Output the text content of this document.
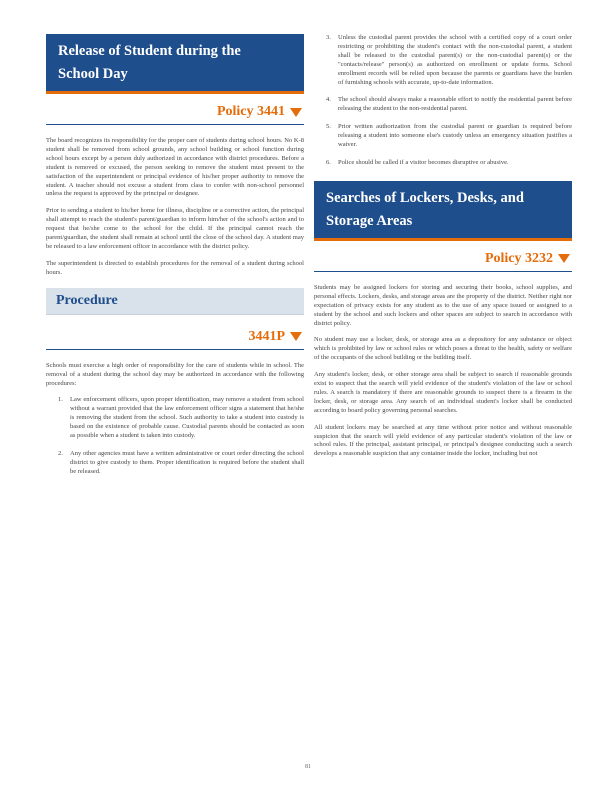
Release of Student during the
School Day
Policy 3441

The board recognizes its responsibility for the proper care of students during school hours. No K-8 student shall be removed from school grounds, any school building or school function during school hours except by a person duly authorized in accordance with district procedures. Before a student is removed or excused, the person seeking to remove the student must present to the satisfaction of the superintendent or principal evidence of his/her proper authority to remove the student. A teacher should not excuse a student from class to confer with non-school personnel unless the request is approved by the principal or designee.

Prior to sending a student to his/her home for illness, discipline or a corrective action, the principal shall attempt to reach the student's parent/guardian to inform him/her of the school's action and to request that he/she come to the school for the child. If the principal cannot reach the parent/guardian, the student shall remain at school until the close of the school day. A student may be released to a law enforcement officer in accordance with the district policy.

The superintendent is directed to establish procedures for the removal of a student during school hours.

Procedure
3441P

Schools must exercise a high order of responsibility for the care of students while in school. The removal of a student during the school day may be authorized in accordance with the following procedures:

1.	Law enforcement officers, upon proper identification, may remove a student from school without a warrant provided that the law enforcement officer signs a statement that he/she is removing the student from the school. Such authority to take a student into custody is based on the existence of probable cause. Custodial parents should be contacted as soon as possible when a student is taken into custody.
2.	Any other agencies must have a written administrative or court order directing the school district to give custody to them. Proper identification is required before the student shall be released.
3.	Unless the custodial parent provides the school with a certified copy of a court order restricting or prohibiting the student's contact with the non-custodial parent, a student shall be released to the custodial parent(s) or the non-custodial parent(s) or the "contacts/release" person(s) as authorized on enrollment or update forms. School enrollment records will be relied upon because the parents or guardians have the burden of furnishing schools with accurate, up-to-date information.
4.	The school should always make a reasonable effort to notify the residential parent before releasing the student to the non-residential parent.
5.	Prior written authorization from the custodial parent or guardian is required before releasing a student into someone else's custody unless an emergency situation justifies a waiver.
6.	Police should be called if a visitor becomes disruptive or abusive.
Searches of Lockers, Desks, and
Storage Areas
Policy 3232

Students may be assigned lockers for storing and securing their books, school supplies, and personal effects. Lockers, desks, and storage areas are the property of the district. Neither right nor expectation of privacy exists for any student as to the use of any space issued or assigned to a student by the school and such lockers and other spaces are subject to search in accordance with district policy.

No student may use a locker, desk, or storage area as a depository for any substance or object which is prohibited by law or school rules or which poses a threat to the health, safety or welfare of the occupants of the school building or the building itself.

Any student's locker, desk, or other storage area shall be subject to search if reasonable grounds exist to suspect that the search will yield evidence of the student's violation of the law or school rules. A search is mandatory if there are reasonable grounds to suspect there is a firearm in the locker, desk, or storage area. Any search of an individual student's locker shall be conducted according to board policy governing personal searches.

All student lockers may be searched at any time without prior notice and without reasonable suspicion that the search will yield evidence of any particular student's violation of the law or school rules. If the principal, assistant principal, or principal's designee conducting such a search develops a reasonable suspicion that any container inside the locker, including but not

81
